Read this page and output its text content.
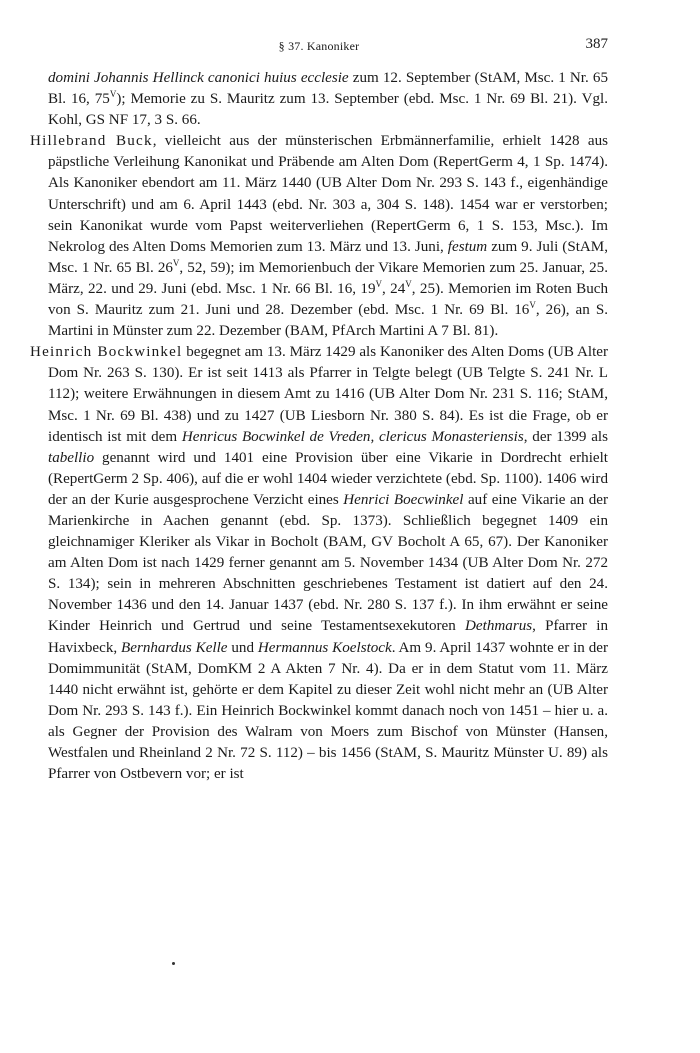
§ 37. Kanoniker	387

domini Johannis Hellinck canonici huius ecclesie zum 12. September (StAM, Msc. 1 Nr. 65 Bl. 16, $75^V$); Memorie zu S. Mauritz zum 13. September (ebd. Msc. 1 Nr. 69 Bl. 21). Vgl. Kohl, GS NF 17, 3 S. 66.

Hillebrand Buck, vielleicht aus der münsterischen Erbmännerfamilie, erhielt 1428 aus päpstliche Verleihung Kanonikat und Präbende am Alten Dom (RepertGerm 4, 1 Sp. 1474). Als Kanoniker ebendort am 11. März 1440 (UB Alter Dom Nr. 293 S. 143 f., eigenhändige Unterschrift) und am 6. April 1443 (ebd. Nr. 303 a, 304 S. 148). 1454 war er verstorben; sein Kanonikat wurde vom Papst weiterverliehen (RepertGerm 6, 1 S. 153, Msc.). Im Nekrolog des Alten Doms Memorien zum 13. März und 13. Juni, festum zum 9. Juli (StAM, Msc. 1 Nr. 65 Bl. $26^V$, 52, 59); im Memorienbuch der Vikare Memorien zum 25. Januar, 25. März, 22. und 29. Juni (ebd. Msc. 1 Nr. 66 Bl. 16, $19^V$, $24^V$, 25). Memorien im Roten Buch von S. Mauritz zum 21. Juni und 28. Dezember (ebd. Msc. 1 Nr. 69 Bl. $16^V$, 26), an S. Martini in Münster zum 22. Dezember (BAM, PfArch Martini A 7 Bl. 81).

Heinrich Bockwinkel begegnet am 13. März 1429 als Kanoniker des Alten Doms (UB Alter Dom Nr. 263 S. 130). Er ist seit 1413 als Pfarrer in Telgte belegt (UB Telgte S. 241 Nr. L 112); weitere Erwähnungen in diesem Amt zu 1416 (UB Alter Dom Nr. 231 S. 116; StAM, Msc. 1 Nr. 69 Bl. 438) und zu 1427 (UB Liesborn Nr. 380 S. 84). Es ist die Frage, ob er identisch ist mit dem Henricus Bocwinkel de Vreden, clericus Monasteriensis, der 1399 als tabellio genannt wird und 1401 eine Provision über eine Vikarie in Dordrecht erhielt (RepertGerm 2 Sp. 406), auf die er wohl 1404 wieder verzichtete (ebd. Sp. 1100). 1406 wird der an der Kurie ausgesprochene Verzicht eines Henrici Boecwinkel auf eine Vikarie an der Marienkirche in Aachen genannt (ebd. Sp. 1373). Schließlich begegnet 1409 ein gleichnamiger Kleriker als Vikar in Bocholt (BAM, GV Bocholt A 65, 67). Der Kanoniker am Alten Dom ist nach 1429 ferner genannt am 5. November 1434 (UB Alter Dom Nr. 272 S. 134); sein in mehreren Abschnitten geschriebenes Testament ist datiert auf den 24. November 1436 und den 14. Januar 1437 (ebd. Nr. 280 S. 137 f.). In ihm erwähnt er seine Kinder Heinrich und Gertrud und seine Testamentsexekutoren Dethmarus, Pfarrer in Havixbeck, Bernhardus Kelle und Hermannus Koelstock. Am 9. April 1437 wohnte er in der Domimmunität (StAM, DomKM 2 A Akten 7 Nr. 4). Da er in dem Statut vom 11. März 1440 nicht erwähnt ist, gehörte er dem Kapitel zu dieser Zeit wohl nicht mehr an (UB Alter Dom Nr. 293 S. 143 f.). Ein Heinrich Bockwinkel kommt danach noch von 1451 – hier u. a. als Gegner der Provision des Walram von Moers zum Bischof von Münster (Hansen, Westfalen und Rheinland 2 Nr. 72 S. 112) – bis 1456 (StAM, S. Mauritz Münster U. 89) als Pfarrer von Ostbevern vor; er ist
